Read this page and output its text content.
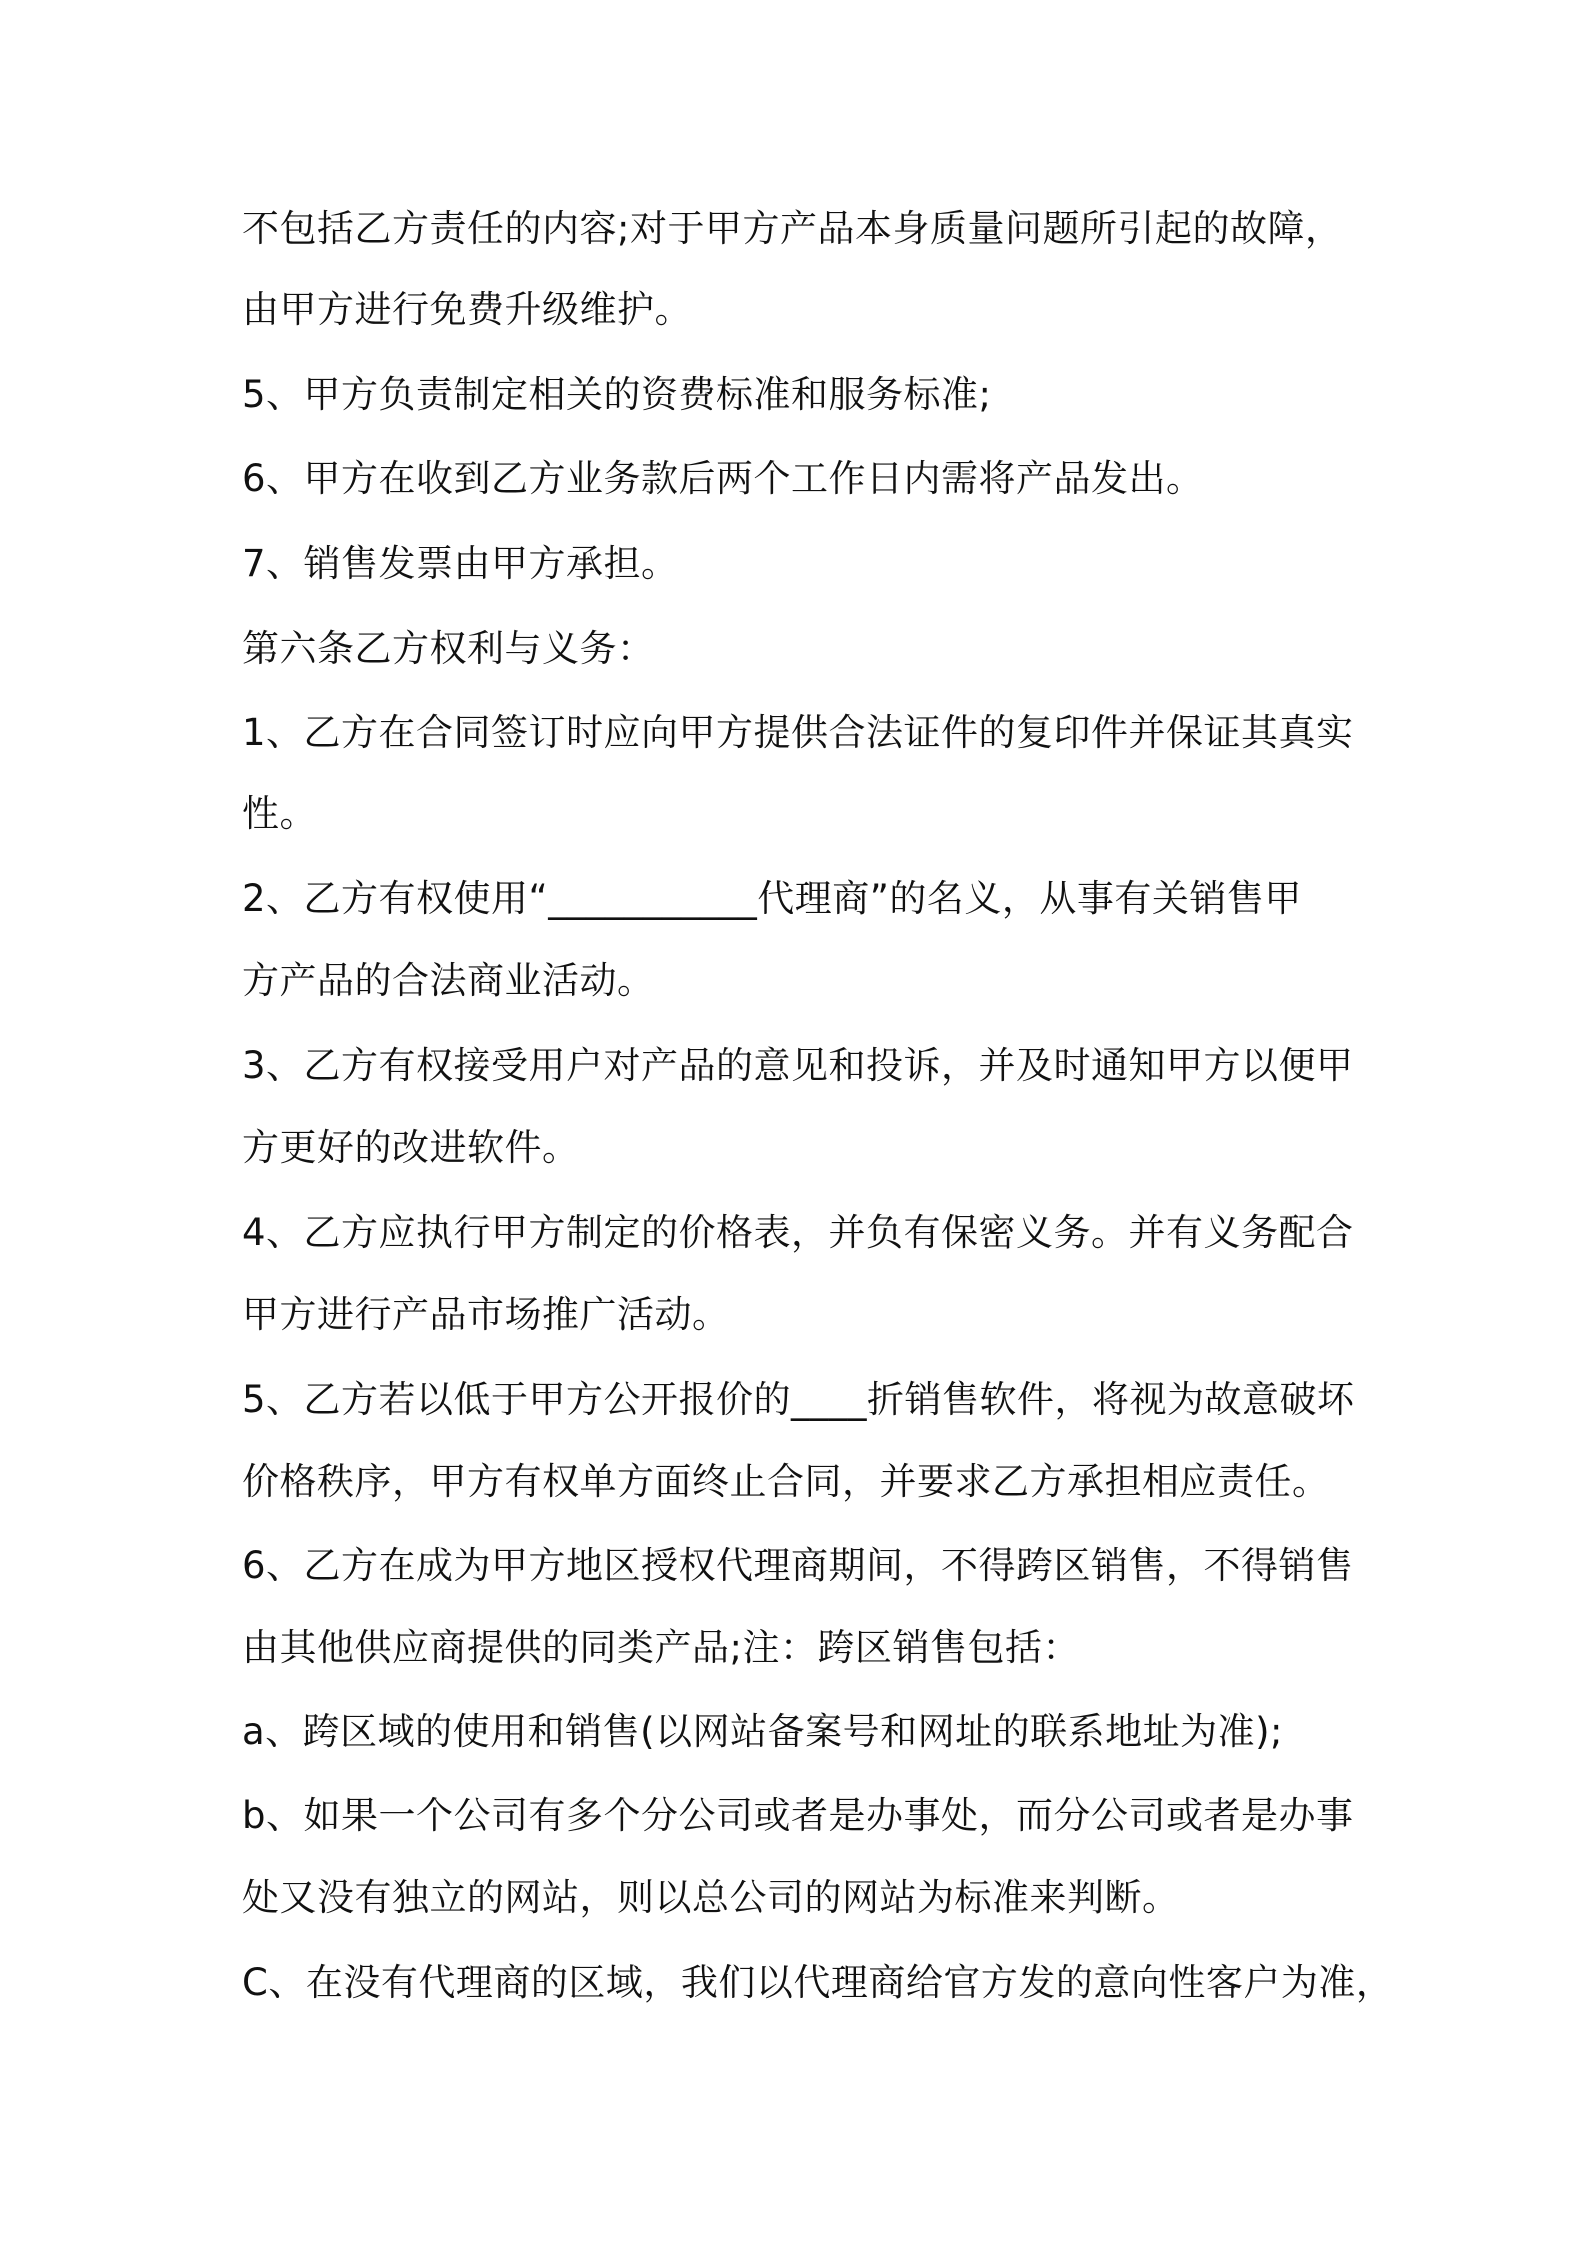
不包括乙方责任的内容;对于甲方产品本身质量问题所引起的故障，
由甲方进行免费升级维护。
5、甲方负责制定相关的资费标准和服务标准;
6、甲方在收到乙方业务款后两个工作日内需将产品发出。
7、销售发票由甲方承担。
第六条乙方权利与义务：
1、乙方在合同签订时应向甲方提供合法证件的复印件并保证其真实
性。
2、乙方有权使用“___________代理商”的名义，从事有关销售甲
方产品的合法商业活动。
3、乙方有权接受用户对产品的意见和投诉，并及时通知甲方以便甲
方更好的改进软件。
4、乙方应执行甲方制定的价格表，并负有保密义务。并有义务配合
甲方进行产品市场推广活动。
5、乙方若以低于甲方公开报价的____折销售软件，将视为故意破坏
价格秩序，甲方有权单方面终止合同，并要求乙方承担相应责任。
6、乙方在成为甲方地区授权代理商期间，不得跨区销售，不得销售
由其他供应商提供的同类产品;注：跨区销售包括：
a、跨区域的使用和销售(以网站备案号和网址的联系地址为准);
b、如果一个公司有多个分公司或者是办事处，而分公司或者是办事
处又没有独立的网站，则以总公司的网站为标准来判断。
C、在没有代理商的区域，我们以代理商给官方发的意向性客户为准，
